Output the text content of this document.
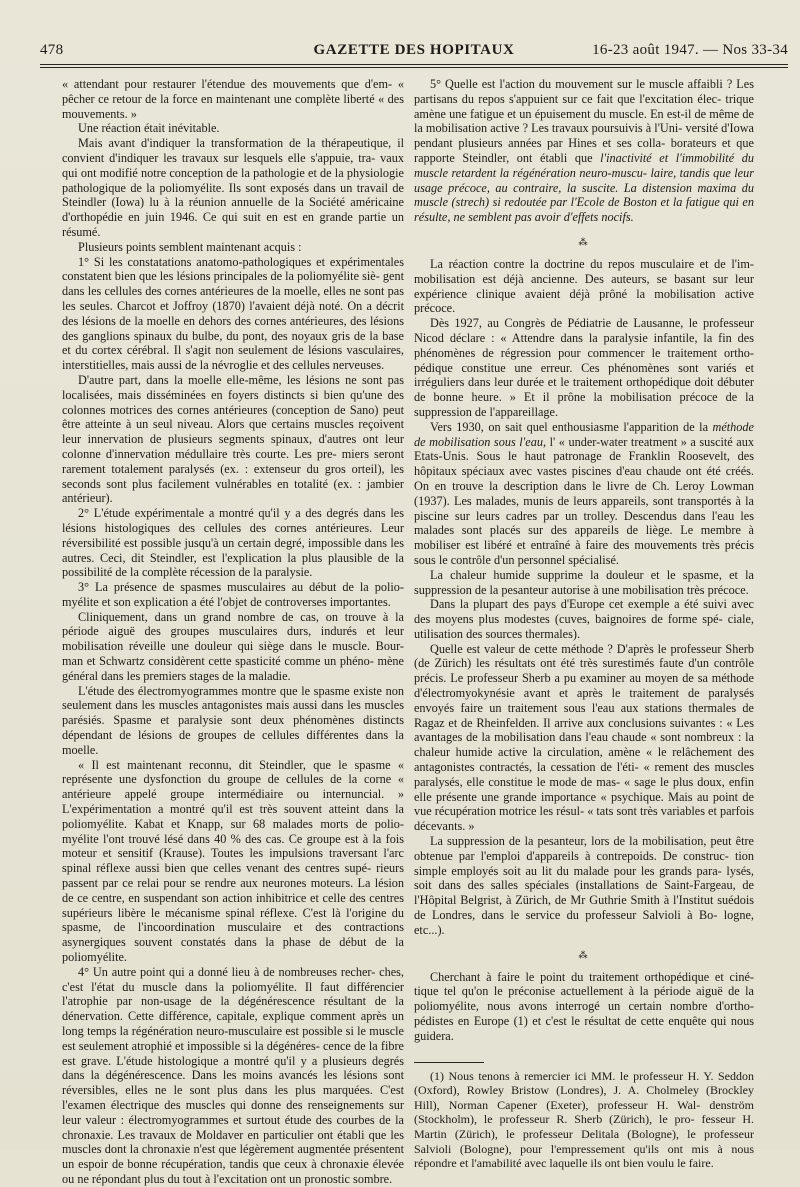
478	GAZETTE DES HOPITAUX	16-23 août 1947. — Nos 33-34

« attendant pour restaurer l'étendue des mouvements que d'em- « pêcher ce retour de la force en maintenant une complète liberté « des mouvements. »

Une réaction était inévitable.

Mais avant d'indiquer la transformation de la thérapeutique, il convient d'indiquer les travaux sur lesquels elle s'appuie, tra- vaux qui ont modifié notre conception de la pathologie et de la physiologie pathologique de la poliomyélite. Ils sont exposés dans un travail de Steindler (Iowa) lu à la réunion annuelle de la Société américaine d'orthopédie en juin 1946. Ce qui suit en est en grande partie un résumé.

Plusieurs points semblent maintenant acquis :

1° Si les constatations anatomo-pathologiques et expérimentales constatent bien que les lésions principales de la poliomyélite siè- gent dans les cellules des cornes antérieures de la moelle, elles ne sont pas les seules. Charcot et Joffroy (1870) l'avaient déjà noté. On a décrit des lésions de la moelle en dehors des cornes antérieures, des lésions des ganglions spinaux du bulbe, du pont, des noyaux gris de la base et du cortex cérébral. Il s'agit non seulement de lésions vasculaires, interstitielles, mais aussi de la névroglie et des cellules nerveuses.

D'autre part, dans la moelle elle-même, les lésions ne sont pas localisées, mais disséminées en foyers distincts si bien qu'une des colonnes motrices des cornes antérieures (conception de Sano) peut être atteinte à un seul niveau. Alors que certains muscles reçoivent leur innervation de plusieurs segments spinaux, d'autres ont leur colonne d'innervation médullaire très courte. Les pre- miers seront rarement totalement paralysés (ex. : extenseur du gros orteil), les seconds sont plus facilement vulnérables en totalité (ex. : jambier antérieur).

2° L'étude expérimentale a montré qu'il y a des degrés dans les lésions histologiques des cellules des cornes antérieures. Leur réversibilité est possible jusqu'à un certain degré, impossible dans les autres. Ceci, dit Steindler, est l'explication la plus plausible de la possibilité de la complète récession de la paralysie.

3° La présence de spasmes musculaires au début de la polio- myélite et son explication a été l'objet de controverses importantes.

Cliniquement, dans un grand nombre de cas, on trouve à la période aiguë des groupes musculaires durs, indurés et leur mobilisation réveille une douleur qui siège dans le muscle. Bour- man et Schwartz considèrent cette spasticité comme un phéno- mène général dans les premiers stages de la maladie.

L'étude des électromyogrammes montre que le spasme existe non seulement dans les muscles antagonistes mais aussi dans les muscles parésiés. Spasme et paralysie sont deux phénomènes distincts dépendant de lésions de groupes de cellules différentes dans la moelle.

« Il est maintenant reconnu, dit Steindler, que le spasme « représente une dysfonction du groupe de cellules de la corne « antérieure appelé groupe intermédiaire ou internuncial. » L'expérimentation a montré qu'il est très souvent atteint dans la poliomyélite. Kabat et Knapp, sur 68 malades morts de polio- myélite l'ont trouvé lésé dans 40 % des cas. Ce groupe est à la fois moteur et sensitif (Krause). Toutes les impulsions traversant l'arc spinal réflexe aussi bien que celles venant des centres supé- rieurs passent par ce relai pour se rendre aux neurones moteurs. La lésion de ce centre, en suspendant son action inhibitrice et celle des centres supérieurs libère le mécanisme spinal réflexe. C'est là l'origine du spasme, de l'incoordination musculaire et des contractions asynergiques souvent constatés dans la phase de début de la poliomyélite.

4° Un autre point qui a donné lieu à de nombreuses recher- ches, c'est l'état du muscle dans la poliomyélite. Il faut différencier l'atrophie par non-usage de la dégénérescence résultant de la dénervation. Cette différence, capitale, explique comment après un long temps la régénération neuro-musculaire est possible si le muscle est seulement atrophié et impossible si la dégénéres- cence de la fibre est grave. L'étude histologique a montré qu'il y a plusieurs degrés dans la dégénérescence. Dans les moins avancés les lésions sont réversibles, elles ne le sont plus dans les plus marquées. C'est l'examen électrique des muscles qui donne des renseignements sur leur valeur : électromyogrammes et surtout étude des courbes de la chronaxie. Les travaux de Moldaver en particulier ont établi que les muscles dont la chronaxie n'est que légèrement augmentée présentent un espoir de bonne récupération, tandis que ceux à chronaxie élevée ou ne répondant plus du tout à l'excitation ont un pronostic sombre.

5° Quelle est l'action du mouvement sur le muscle affaibli ? Les partisans du repos s'appuient sur ce fait que l'excitation élec- trique amène une fatigue et un épuisement du muscle. En est-il de même de la mobilisation active ? Les travaux poursuivis à l'Uni- versité d'Iowa pendant plusieurs années par Hines et ses colla- borateurs et que rapporte Steindler, ont établi que l'inactivité et l'immobilité du muscle retardent la régénération neuro-muscu- laire, tandis que leur usage précoce, au contraire, la suscite. La distension maxima du muscle (strech) si redoutée par l'Ecole de Boston et la fatigue qui en résulte, ne semblent pas avoir d'effets nocifs.

⁂

La réaction contre la doctrine du repos musculaire et de l'im- mobilisation est déjà ancienne. Des auteurs, se basant sur leur expérience clinique avaient déjà prôné la mobilisation active précoce.

Dès 1927, au Congrès de Pédiatrie de Lausanne, le professeur Nicod déclare : « Attendre dans la paralysie infantile, la fin des phénomènes de régression pour commencer le traitement ortho- pédique constitue une erreur. Ces phénomènes sont variés et irréguliers dans leur durée et le traitement orthopédique doit débuter de bonne heure. » Et il prône la mobilisation précoce de la suppression de l'appareillage.

Vers 1930, on sait quel enthousiasme l'apparition de la méthode de mobilisation sous l'eau, l' « under-water treatment » a suscité aux Etats-Unis. Sous le haut patronage de Franklin Roosevelt, des hôpitaux spéciaux avec vastes piscines d'eau chaude ont été créés. On en trouve la description dans le livre de Ch. Leroy Lowman (1937). Les malades, munis de leurs appareils, sont transportés à la piscine sur leurs cadres par un trolley. Descendus dans l'eau les malades sont placés sur des appareils de liège. Le membre à mobiliser est libéré et entraîné à faire des mouvements très précis sous le contrôle d'un personnel spécialisé.

La chaleur humide supprime la douleur et le spasme, et la suppression de la pesanteur autorise à une mobilisation très précoce.

Dans la plupart des pays d'Europe cet exemple a été suivi avec des moyens plus modestes (cuves, baignoires de forme spé- ciale, utilisation des sources thermales).

Quelle est valeur de cette méthode ? D'après le professeur Sherb (de Zürich) les résultats ont été très surestimés faute d'un contrôle précis. Le professeur Sherb a pu examiner au moyen de sa méthode d'électromyokynésie avant et après le traitement de paralysés envoyés faire un traitement sous l'eau aux stations thermales de Ragaz et de Rheinfelden. Il arrive aux conclusions suivantes : « Les avantages de la mobilisation dans l'eau chaude « sont nombreux : la chaleur humide active la circulation, amène « le relâchement des antagonistes contractés, la cessation de l'éti- « rement des muscles paralysés, elle constitue le mode de mas- « sage le plus doux, enfin elle présente une grande importance « psychique. Mais au point de vue récupération motrice les résul- « tats sont très variables et parfois décevants. »

La suppression de la pesanteur, lors de la mobilisation, peut être obtenue par l'emploi d'appareils à contrepoids. De construc- tion simple employés soit au lit du malade pour les grands para- lysés, soit dans des salles spéciales (installations de Saint-Fargeau, de l'Hôpital Belgrist, à Zürich, de Mr Guthrie Smith à l'Institut suédois de Londres, dans le service du professeur Salvioli à Bo- logne, etc...).

⁂

Cherchant à faire le point du traitement orthopédique et ciné- tique tel qu'on le préconise actuellement à la période aiguë de la poliomyélite, nous avons interrogé un certain nombre d'ortho- pédistes en Europe (1) et c'est le résultat de cette enquête qui nous guidera.

(1) Nous tenons à remercier ici MM. le professeur H. Y. Seddon (Oxford), Rowley Bristow (Londres), J. A. Cholmeley (Brockley Hill), Norman Capener (Exeter), professeur H. Wal- denström (Stockholm), le professeur R. Sherb (Zürich), le pro- fesseur H. Martin (Zürich), le professeur Delitala (Bologne), le professeur Salvioli (Bologne), pour l'empressement qu'ils ont mis à nous répondre et l'amabilité avec laquelle ils ont bien voulu le faire.
